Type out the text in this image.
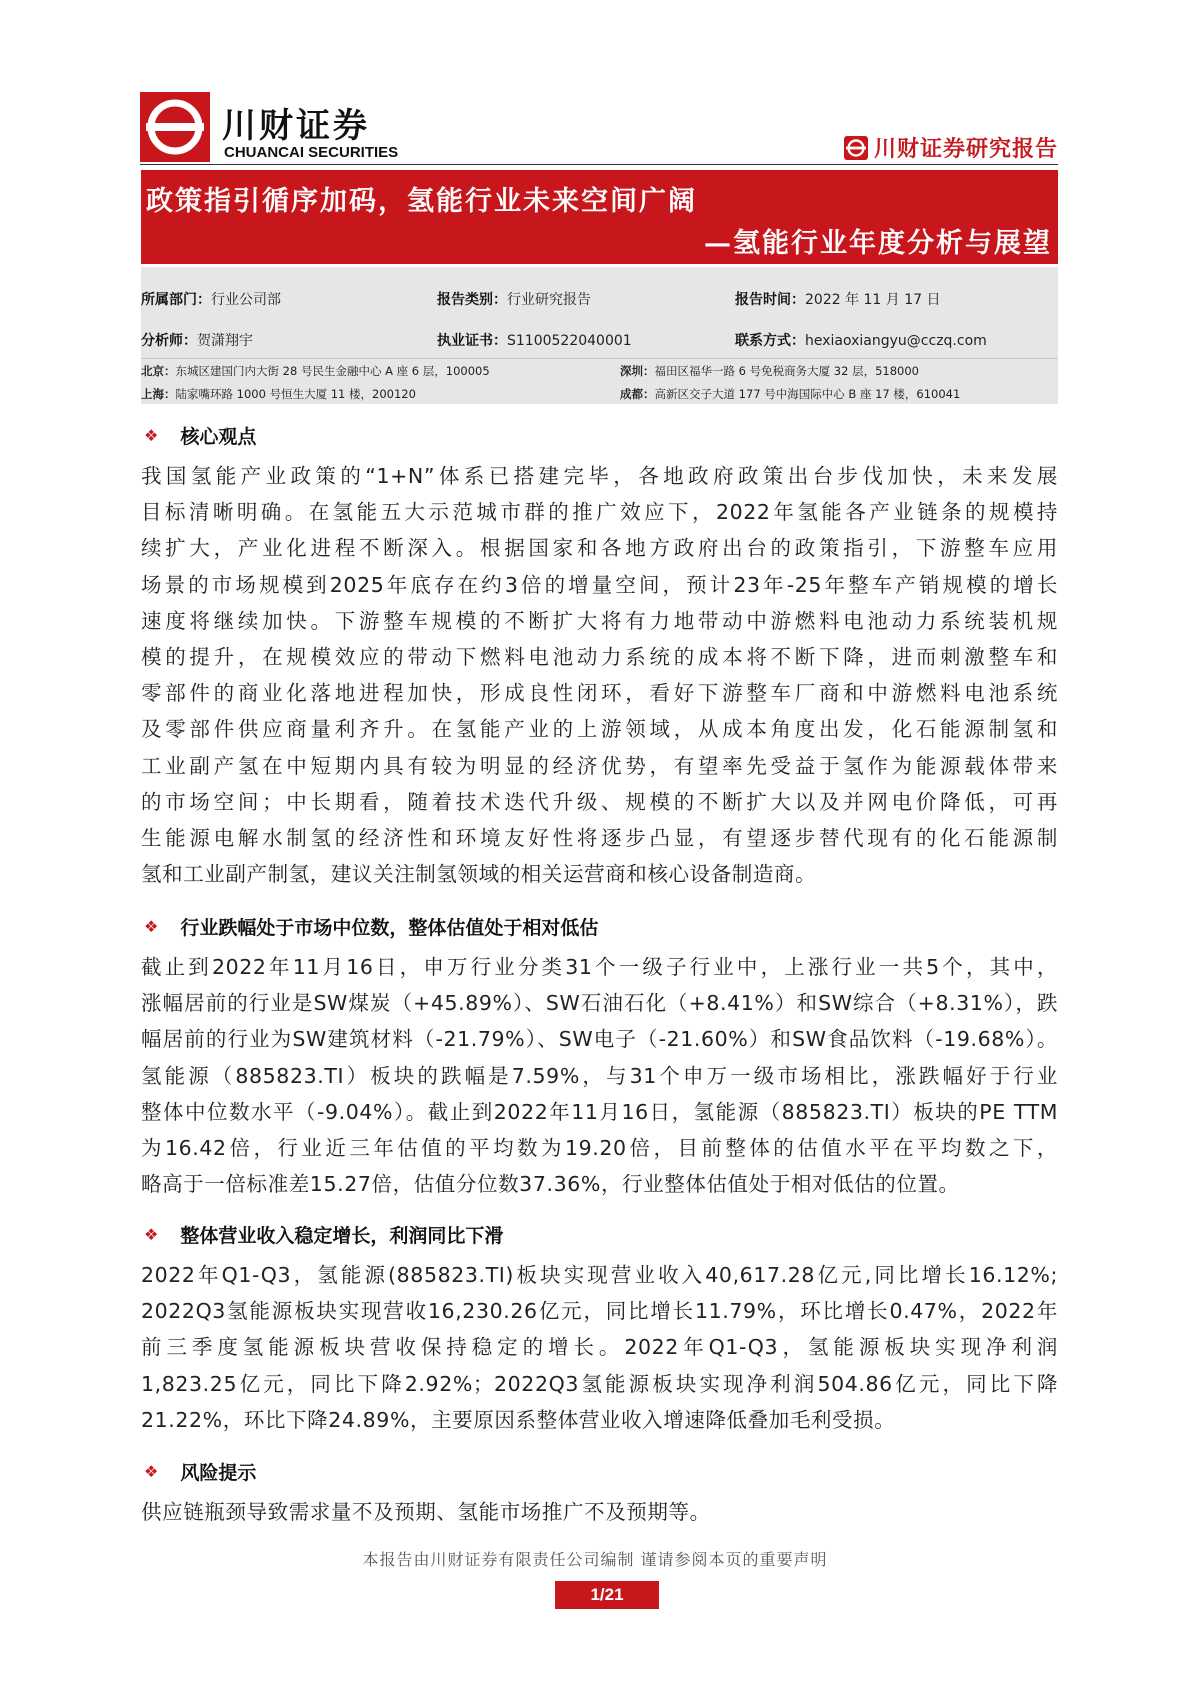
川财证券
CHUANCAI SECURITIES	川财证券研究报告
政策指引循序加码，氢能行业未来空间广阔
—氢能行业年度分析与展望
所属部门：行业公司部	报告类别：行业研究报告	报告时间：2022 年 11 月 17 日
分析师：贺潇翔宇	执业证书：S1100522040001	联系方式：hexiaoxiangyu@cczq.com
北京：东城区建国门内大街 28 号民生金融中心 A 座 6 层，100005	深圳：福田区福华一路 6 号免税商务大厦 32 层，518000
上海：陆家嘴环路 1000 号恒生大厦 11 楼，200120	成都：高新区交子大道 177 号中海国际中心 B 座 17 楼，610041
❖ 核心观点
我国氢能产业政策的“1+N”体系已搭建完毕，各地政府政策出台步伐加快，未来发展
目标清晰明确。在氢能五大示范城市群的推广效应下，2022年氢能各产业链条的规模持
续扩大，产业化进程不断深入。根据国家和各地方政府出台的政策指引，下游整车应用
场景的市场规模到2025年底存在约3倍的增量空间，预计23年-25年整车产销规模的增长
速度将继续加快。下游整车规模的不断扩大将有力地带动中游燃料电池动力系统装机规
模的提升，在规模效应的带动下燃料电池动力系统的成本将不断下降，进而刺激整车和
零部件的商业化落地进程加快，形成良性闭环，看好下游整车厂商和中游燃料电池系统
及零部件供应商量利齐升。在氢能产业的上游领域，从成本角度出发，化石能源制氢和
工业副产氢在中短期内具有较为明显的经济优势，有望率先受益于氢作为能源载体带来
的市场空间；中长期看，随着技术迭代升级、规模的不断扩大以及并网电价降低，可再
生能源电解水制氢的经济性和环境友好性将逐步凸显，有望逐步替代现有的化石能源制
氢和工业副产制氢，建议关注制氢领域的相关运营商和核心设备制造商。
❖ 行业跌幅处于市场中位数，整体估值处于相对低估
截止到2022年11月16日，申万行业分类31个一级子行业中，上涨行业一共5个，其中，
涨幅居前的行业是SW煤炭（+45.89%）、SW石油石化（+8.41%）和SW综合（+8.31%），跌
幅居前的行业为SW建筑材料（-21.79%）、SW电子（-21.60%）和SW食品饮料（-19.68%）。
氢能源（885823.TI）板块的跌幅是7.59%，与31个申万一级市场相比，涨跌幅好于行业
整体中位数水平（-9.04%）。截止到2022年11月16日，氢能源（885823.TI）板块的PE TTM
为16.42倍，行业近三年估值的平均数为19.20倍，目前整体的估值水平在平均数之下，
略高于一倍标准差15.27倍，估值分位数37.36%，行业整体估值处于相对低估的位置。
❖ 整体营业收入稳定增长，利润同比下滑
2022年Q1-Q3，氢能源(885823.TI)板块实现营业收入40,617.28亿元,同比增长16.12%;
2022Q3氢能源板块实现营收16,230.26亿元，同比增长11.79%，环比增长0.47%，2022年
前三季度氢能源板块营收保持稳定的增长。2022年Q1-Q3，氢能源板块实现净利润
1,823.25亿元，同比下降2.92%；2022Q3氢能源板块实现净利润504.86亿元，同比下降
21.22%，环比下降24.89%，主要原因系整体营业收入增速降低叠加毛利受损。
❖ 风险提示
供应链瓶颈导致需求量不及预期、氢能市场推广不及预期等。
本报告由川财证券有限责任公司编制 谨请参阅本页的重要声明
1/21
